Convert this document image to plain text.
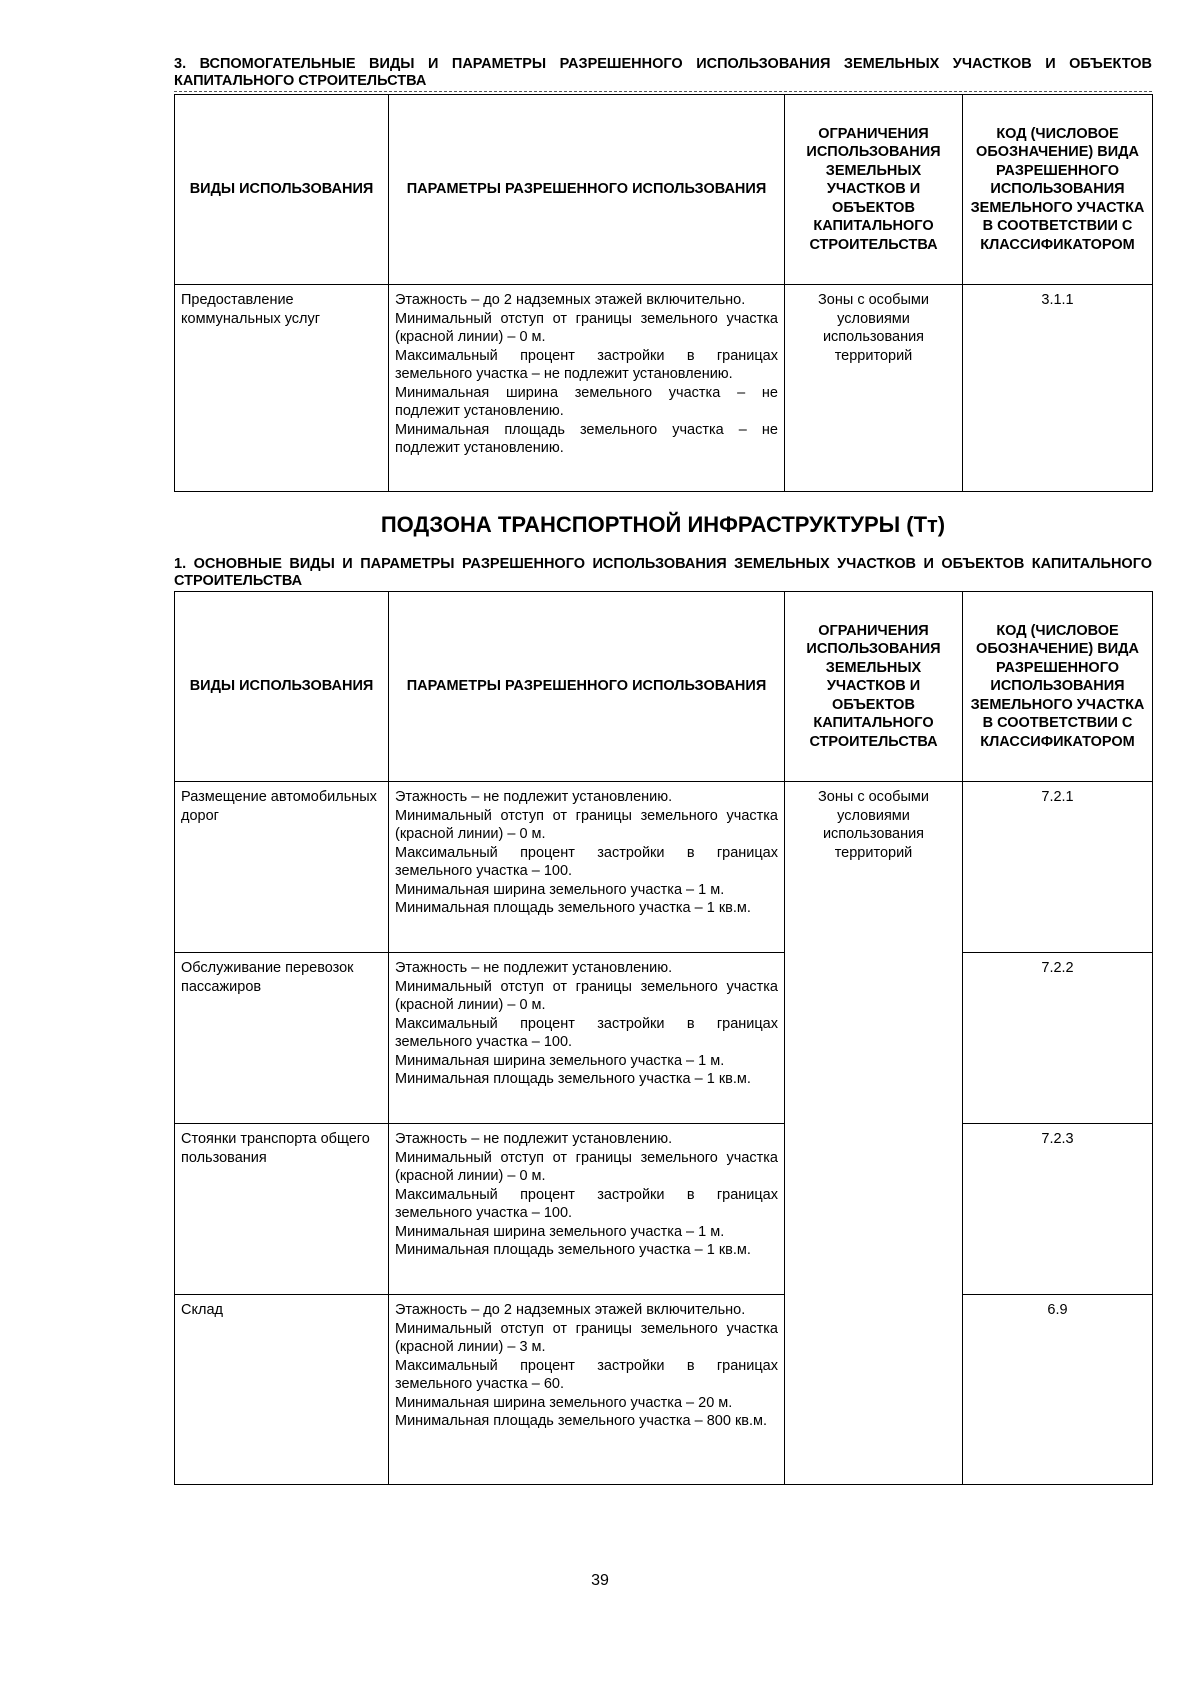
3. ВСПОМОГАТЕЛЬНЫЕ ВИДЫ И ПАРАМЕТРЫ РАЗРЕШЕННОГО ИСПОЛЬЗОВАНИЯ ЗЕМЕЛЬНЫХ УЧАСТКОВ И ОБЪЕКТОВ КАПИТАЛЬНОГО СТРОИТЕЛЬСТВА

ВИДЫ ИСПОЛЬЗОВАНИЯ	ПАРАМЕТРЫ РАЗРЕШЕННОГО ИСПОЛЬЗОВАНИЯ	ОГРАНИЧЕНИЯ ИСПОЛЬЗОВАНИЯ ЗЕМЕЛЬНЫХ УЧАСТКОВ И ОБЪЕКТОВ КАПИТАЛЬНОГО СТРОИТЕЛЬСТВА	КОД (ЧИСЛОВОЕ ОБОЗНАЧЕНИЕ) ВИДА РАЗРЕШЕННОГО ИСПОЛЬЗОВАНИЯ ЗЕМЕЛЬНОГО УЧАСТКА В СООТВЕТСТВИИ С КЛАССИФИКАТОРОМ
Предоставление коммунальных услуг	Этажность – до 2 надземных этажей включительно.
Минимальный отступ от границы земельного участка (красной линии) – 0 м.
Максимальный процент застройки в границах земельного участка – не подлежит установлению.
Минимальная ширина земельного участка – не подлежит установлению.
Минимальная площадь земельного участка – не подлежит установлению.	Зоны с особыми условиями использования территорий	3.1.1

ПОДЗОНА ТРАНСПОРТНОЙ ИНФРАСТРУКТУРЫ (Тт)

1. ОСНОВНЫЕ ВИДЫ И ПАРАМЕТРЫ РАЗРЕШЕННОГО ИСПОЛЬЗОВАНИЯ ЗЕМЕЛЬНЫХ УЧАСТКОВ И ОБЪЕКТОВ КАПИТАЛЬНОГО СТРОИТЕЛЬСТВА

ВИДЫ ИСПОЛЬЗОВАНИЯ	ПАРАМЕТРЫ РАЗРЕШЕННОГО ИСПОЛЬЗОВАНИЯ	ОГРАНИЧЕНИЯ ИСПОЛЬЗОВАНИЯ ЗЕМЕЛЬНЫХ УЧАСТКОВ И ОБЪЕКТОВ КАПИТАЛЬНОГО СТРОИТЕЛЬСТВА	КОД (ЧИСЛОВОЕ ОБОЗНАЧЕНИЕ) ВИДА РАЗРЕШЕННОГО ИСПОЛЬЗОВАНИЯ ЗЕМЕЛЬНОГО УЧАСТКА В СООТВЕТСТВИИ С КЛАССИФИКАТОРОМ
Размещение автомобильных дорог	Этажность – не подлежит установлению.
Минимальный отступ от границы земельного участка (красной линии) – 0 м.
Максимальный процент застройки в границах земельного участка – 100.
Минимальная ширина земельного участка – 1 м.
Минимальная площадь земельного участка – 1 кв.м.	Зоны с особыми условиями использования территорий	7.2.1
Обслуживание перевозок пассажиров	Этажность – не подлежит установлению.
Минимальный отступ от границы земельного участка (красной линии) – 0 м.
Максимальный процент застройки в границах земельного участка – 100.
Минимальная ширина земельного участка – 1 м.
Минимальная площадь земельного участка – 1 кв.м.		7.2.2
Стоянки транспорта общего пользования	Этажность – не подлежит установлению.
Минимальный отступ от границы земельного участка (красной линии) – 0 м.
Максимальный процент застройки в границах земельного участка – 100.
Минимальная ширина земельного участка – 1 м.
Минимальная площадь земельного участка – 1 кв.м.		7.2.3
Склад	Этажность – до 2 надземных этажей включительно.
Минимальный отступ от границы земельного участка (красной линии) – 3 м.
Максимальный процент застройки в границах земельного участка – 60.
Минимальная ширина земельного участка – 20 м.
Минимальная площадь земельного участка – 800 кв.м.		6.9
39
